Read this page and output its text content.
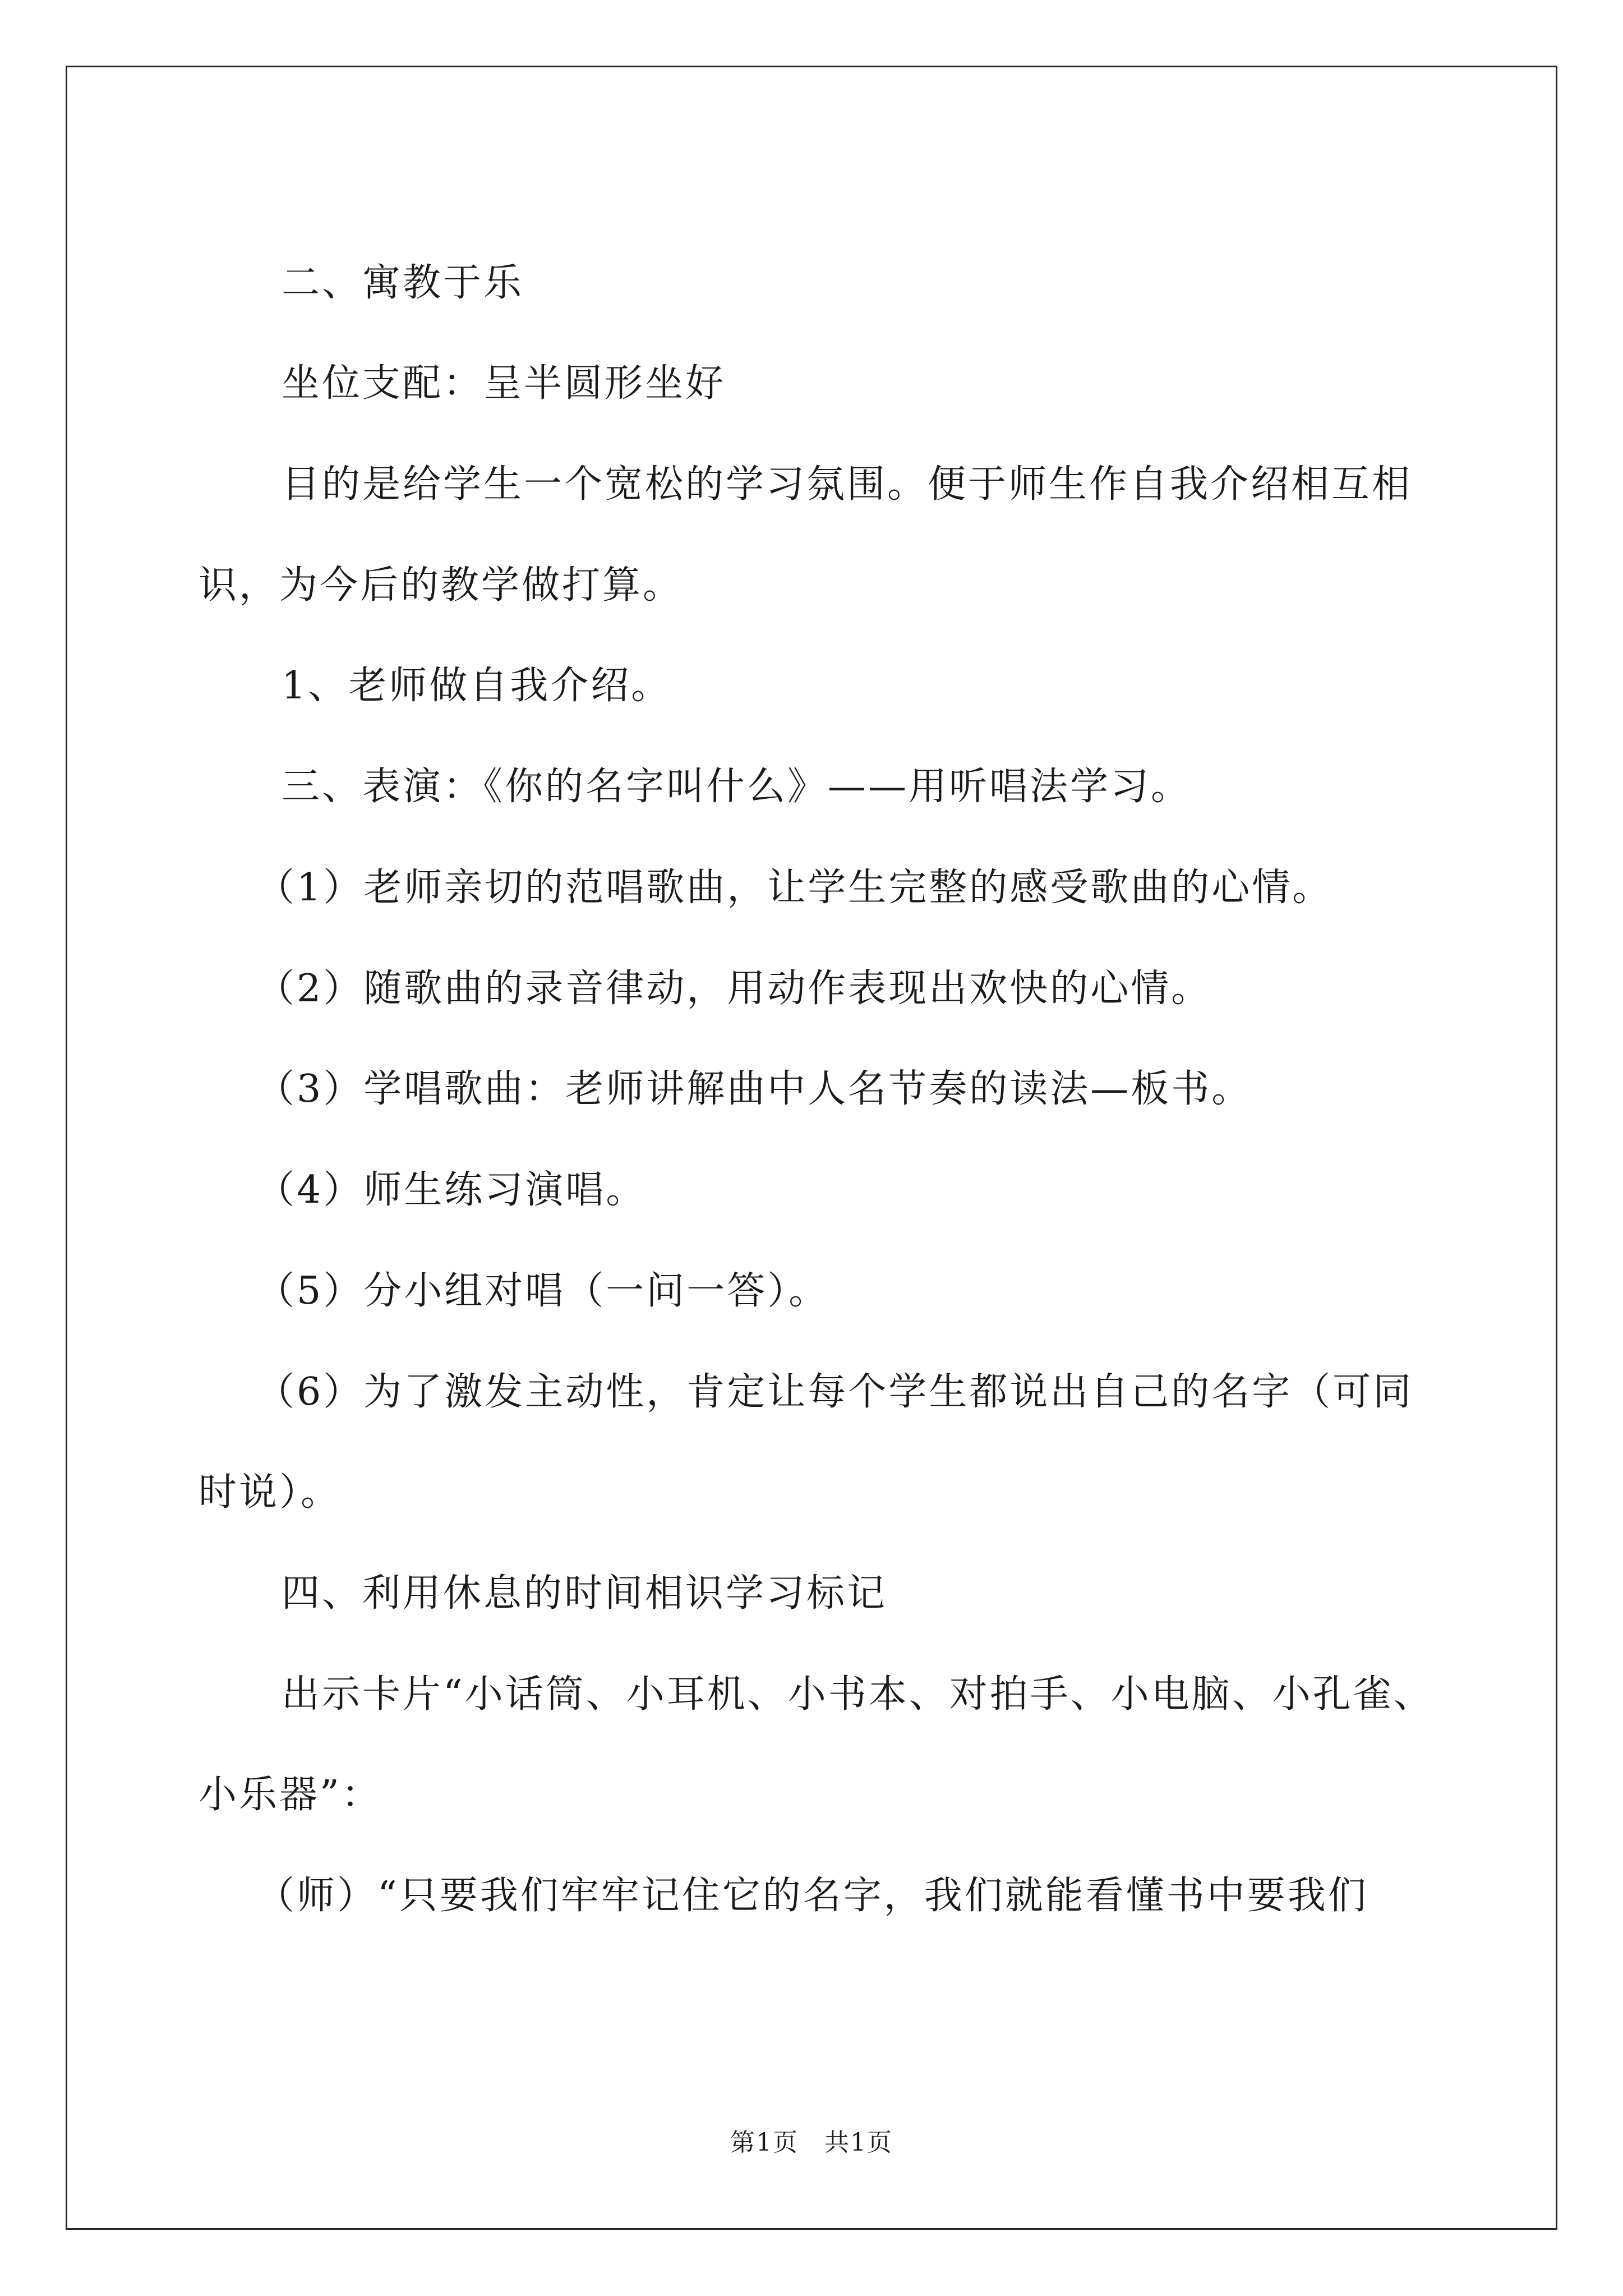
二、寓教于乐
坐位支配：呈半圆形坐好
目的是给学生一个宽松的学习氛围。便于师生作自我介绍相互相
识，为今后的教学做打算。
1、老师做自我介绍。
三、表演：《你的名字叫什么》——用听唱法学习。
（1）老师亲切的范唱歌曲，让学生完整的感受歌曲的心情。
（2）随歌曲的录音律动，用动作表现出欢快的心情。
（3）学唱歌曲：老师讲解曲中人名节奏的读法—板书。
（4）师生练习演唱。
（5）分小组对唱（一问一答）。
（6）为了激发主动性，肯定让每个学生都说出自己的名字（可同
时说）。
四、利用休息的时间相识学习标记
出示卡片“小话筒、小耳机、小书本、对拍手、小电脑、小孔雀、
小乐器”：
（师）“只要我们牢牢记住它的名字，我们就能看懂书中要我们
第1页　共1页
